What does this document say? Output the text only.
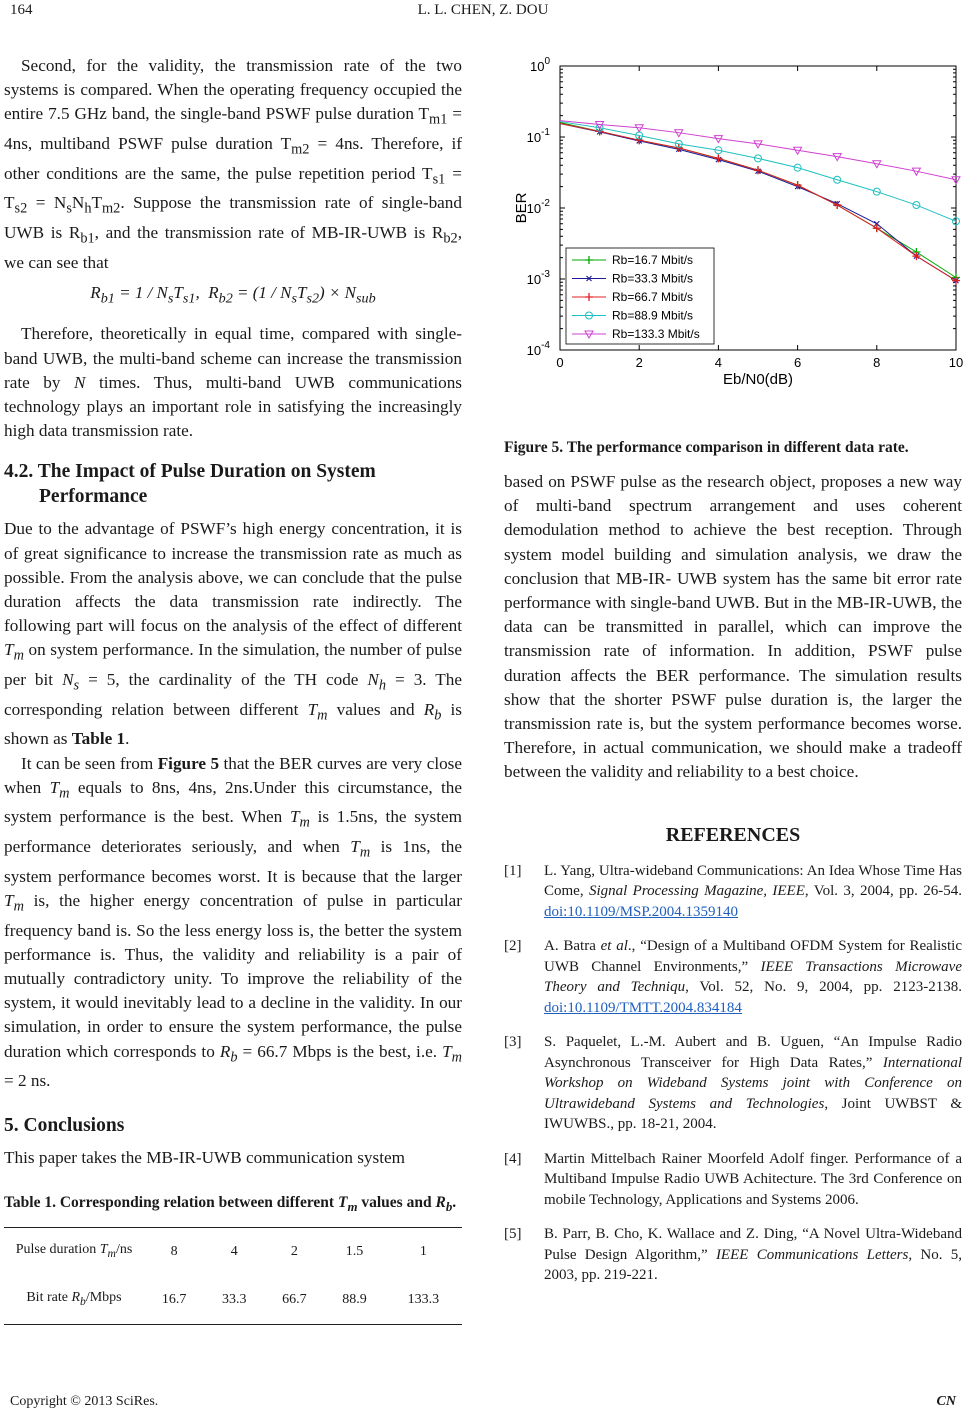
164	L. L. CHEN, Z. DOU

Second, for the validity, the transmission rate of the two systems is compared. When the operating frequency occupied the entire 7.5 GHz band, the single-band PSWF pulse duration $T_{m1} = 4ns$, multiband PSWF pulse duration $T_{m2} = 4ns$. Therefore, if other conditions are the same, the pulse repetition period $T_{s1} = T_{s2} = N_sN_hT_{m2}$. Suppose the transmission rate of single-band UWB is $R_{b1}$, and the transmission rate of MB-IR-UWB is $R_{b2}$, we can see that

$R_{b1} = 1 / N_sT_{s1}$,  $R_{b2} = (1 / N_sT_{s2}) \times N_{sub}$

Therefore, theoretically in equal time, compared with single-band UWB, the multi-band scheme can increase the transmission rate by N times. Thus, multi-band UWB communications technology plays an important role in satisfying the increasingly high data transmission rate.

4.2. The Impact of Pulse Duration on System
Performance

Due to the advantage of PSWF’s high energy concentration, it is of great significance to increase the transmission rate as much as possible. From the analysis above, we can conclude that the pulse duration affects the data transmission rate indirectly. The following part will focus on the analysis of the effect of different $T_m$ on system performance. In the simulation, the number of pulse per bit $N_s = 5$, the cardinality of the TH code $N_h = 3$. The corresponding relation between different $T_m$ values and $R_b$ is shown as Table 1.

It can be seen from Figure 5 that the BER curves are very close when $T_m$ equals to 8ns, 4ns, 2ns.Under this circumstance, the system performance is the best. When $T_m$ is 1.5ns, the system performance deteriorates seriously, and when $T_m$ is 1ns, the system performance becomes worst. It is because that the larger $T_m$ is, the higher energy concentration of pulse in particular frequency band is. So the less energy loss is, the better the system performance is. Thus, the validity and reliability is a pair of mutually contradictory unity. To improve the reliability of the system, it would inevitably lead to a decline in the validity. In our simulation, in order to ensure the system performance, the pulse duration which corresponds to $R_b = 66.7$ Mbps is the best, i.e. $T_m = 2$ ns.

5. Conclusions

This paper takes the MB-IR-UWB communication system

Table 1. Corresponding relation between different $T_m$ values and $R_b$.
Pulse duration $T_m/ns$	8	4	2	1.5	1
Bit rate $R_b$/Mbps	16.7	33.3	66.7	88.9	133.3
0	2	4	6	8	10
$10^0$
$10^{-1}$
$10^{-2}$
$10^{-3}$
$10^{-4}$
Eb/N0(dB)
BER
Rb=16.7 Mbit/s
Rb=33.3 Mbit/s
Rb=66.7 Mbit/s
Rb=88.9 Mbit/s
Rb=133.3 Mbit/s
Figure 5. The performance comparison in different data rate.

based on PSWF pulse as the research object, proposes a new way of multi-band spectrum arrangement and uses coherent demodulation method to achieve the best reception. Through system model building and simulation analysis, we draw the conclusion that MB-IR- UWB system has the same bit error rate performance with single-band UWB. But in the MB-IR-UWB, the data can be transmitted in parallel, which can improve the transmission rate of information. In addition, PSWF pulse duration affects the BER performance. The simulation results show that the shorter PSWF pulse duration is, the larger the transmission rate is, but the system performance becomes worse. Therefore, in actual communication, we should make a tradeoff between the validity and reliability to a best choice.

REFERENCES
[1] L. Yang, Ultra-wideband Communications: An Idea Whose Time Has Come, Signal Processing Magazine, IEEE, Vol. 3, 2004, pp. 26-54. doi:10.1109/MSP.2004.1359140
[2] A. Batra et al., “Design of a Multiband OFDM System for Realistic UWB Channel Environments,” IEEE Transactions Microwave Theory and Techniqu, Vol. 52, No. 9, 2004, pp. 2123-2138. doi:10.1109/TMTT.2004.834184
[3] S. Paquelet, L.-M. Aubert and B. Uguen, “An Impulse Radio Asynchronous Transceiver for High Data Rates,” International Workshop on Wideband Systems joint with Conference on Ultrawideband Systems and Technologies, Joint UWBST & IWUWBS., pp. 18-21, 2004.
[4] Martin Mittelbach Rainer Moorfeld Adolf finger. Performance of a Multiband Impulse Radio UWB Achitecture. The 3rd Conference on mobile Technology, Applications and Systems 2006.
[5] B. Parr, B. Cho, K. Wallace and Z. Ding, “A Novel Ultra-Wideband Pulse Design Algorithm,” IEEE Communications Letters, No. 5, 2003, pp. 219-221.
Copyright © 2013 SciRes.	CN
